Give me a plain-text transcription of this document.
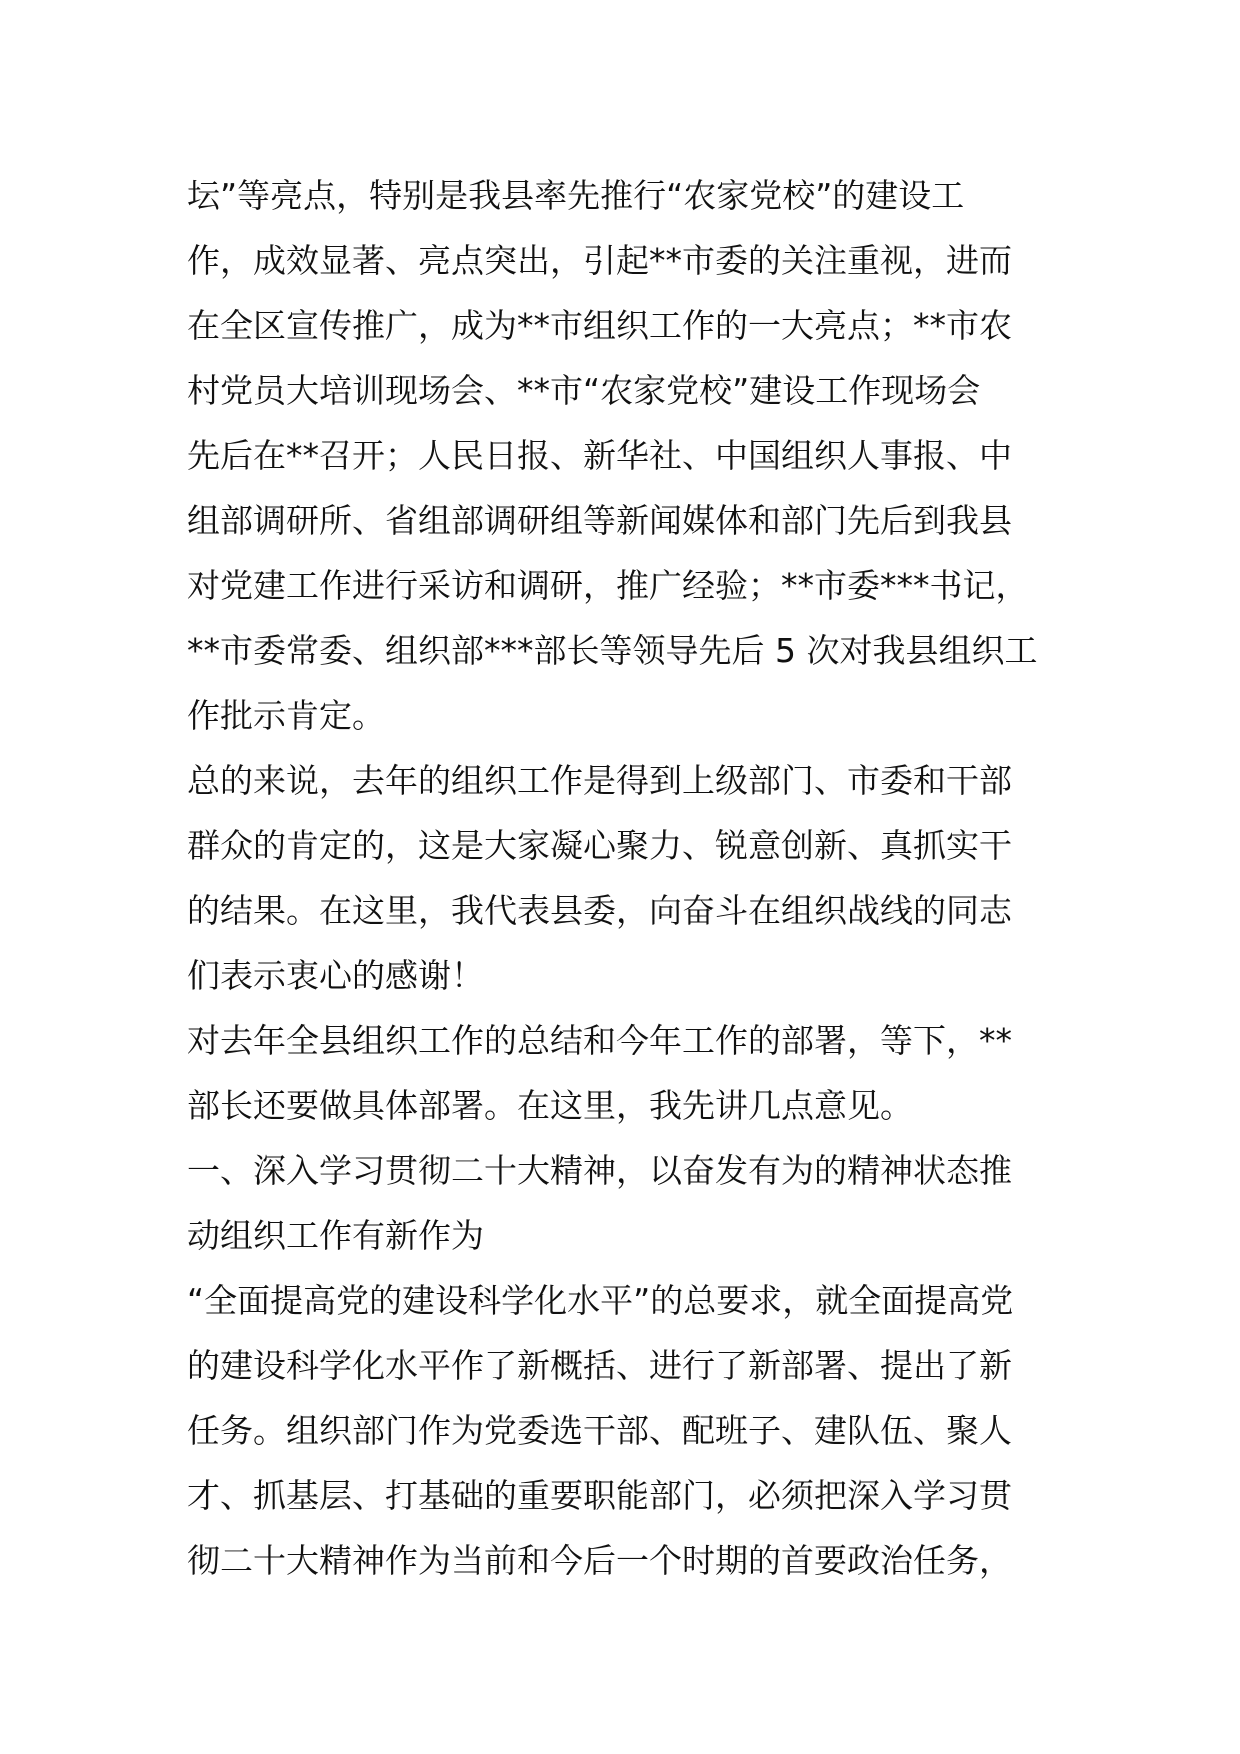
坛”等亮点，特别是我县率先推行“农家党校”的建设工
作，成效显著、亮点突出，引起**市委的关注重视，进而
在全区宣传推广，成为**市组织工作的一大亮点；**市农
村党员大培训现场会、**市“农家党校”建设工作现场会
先后在**召开；人民日报、新华社、中国组织人事报、中
组部调研所、省组部调研组等新闻媒体和部门先后到我县
对党建工作进行采访和调研，推广经验；**市委***书记，
**市委常委、组织部***部长等领导先后 5 次对我县组织工
作批示肯定。
总的来说，去年的组织工作是得到上级部门、市委和干部
群众的肯定的，这是大家凝心聚力、锐意创新、真抓实干
的结果。在这里，我代表县委，向奋斗在组织战线的同志
们表示衷心的感谢！
对去年全县组织工作的总结和今年工作的部署，等下，**
部长还要做具体部署。在这里，我先讲几点意见。
一、深入学习贯彻二十大精神，以奋发有为的精神状态推
动组织工作有新作为
“全面提高党的建设科学化水平”的总要求，就全面提高党
的建设科学化水平作了新概括、进行了新部署、提出了新
任务。组织部门作为党委选干部、配班子、建队伍、聚人
才、抓基层、打基础的重要职能部门，必须把深入学习贯
彻二十大精神作为当前和今后一个时期的首要政治任务，
